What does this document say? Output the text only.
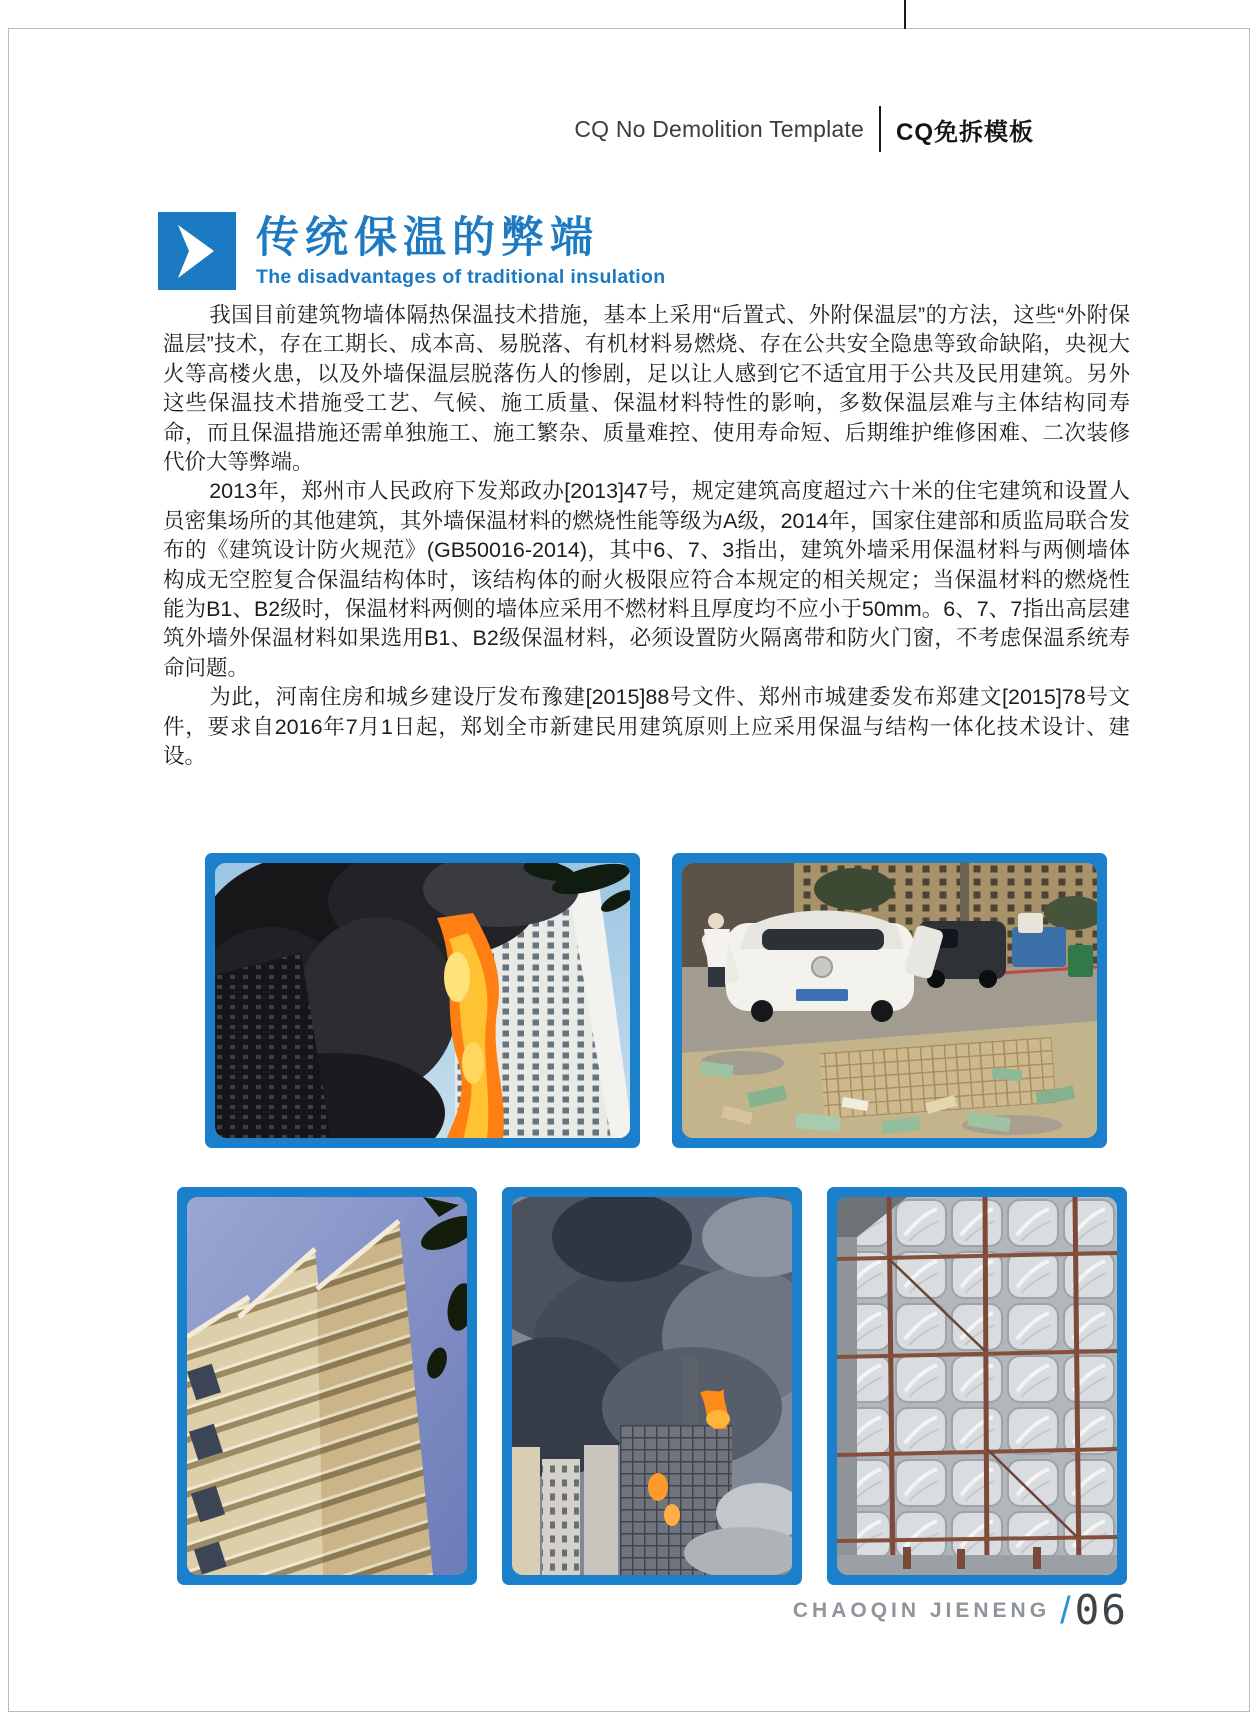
CQ No Demolition Template	CQ免拆模板
传统保温的弊端
The disadvantages of traditional insulation

我国目前建筑物墙体隔热保温技术措施，基本上采用“后置式、外附保温层”的方法，这些“外附保温层”技术，存在工期长、成本高、易脱落、有机材料易燃烧、存在公共安全隐患等致命缺陷，央视大火等高楼火患，以及外墙保温层脱落伤人的惨剧，足以让人感到它不适宜用于公共及民用建筑。另外这些保温技术措施受工艺、气候、施工质量、保温材料特性的影响，多数保温层难与主体结构同寿命，而且保温措施还需单独施工、施工繁杂、质量难控、使用寿命短、后期维护维修困难、二次装修代价大等弊端。

2013年，郑州市人民政府下发郑政办[2013]47号，规定建筑高度超过六十米的住宅建筑和设置人员密集场所的其他建筑，其外墙保温材料的燃烧性能等级为A级，2014年，国家住建部和质监局联合发布的《建筑设计防火规范》(GB50016-2014)，其中6、7、3指出，建筑外墙采用保温材料与两侧墙体构成无空腔复合保温结构体时，该结构体的耐火极限应符合本规定的相关规定；当保温材料的燃烧性能为B1、B2级时，保温材料两侧的墙体应采用不燃材料且厚度均不应小于50mm。6、7、7指出高层建筑外墙外保温材料如果选用B1、B2级保温材料，必须设置防火隔离带和防火门窗，不考虑保温系统寿命问题。

为此，河南住房和城乡建设厅发布豫建[2015]88号文件、郑州市城建委发布郑建文[2015]78号文件，要求自2016年7月1日起，郑划全市新建民用建筑原则上应采用保温与结构一体化技术设计、建设。

CHAOQIN JIENENG / 06
